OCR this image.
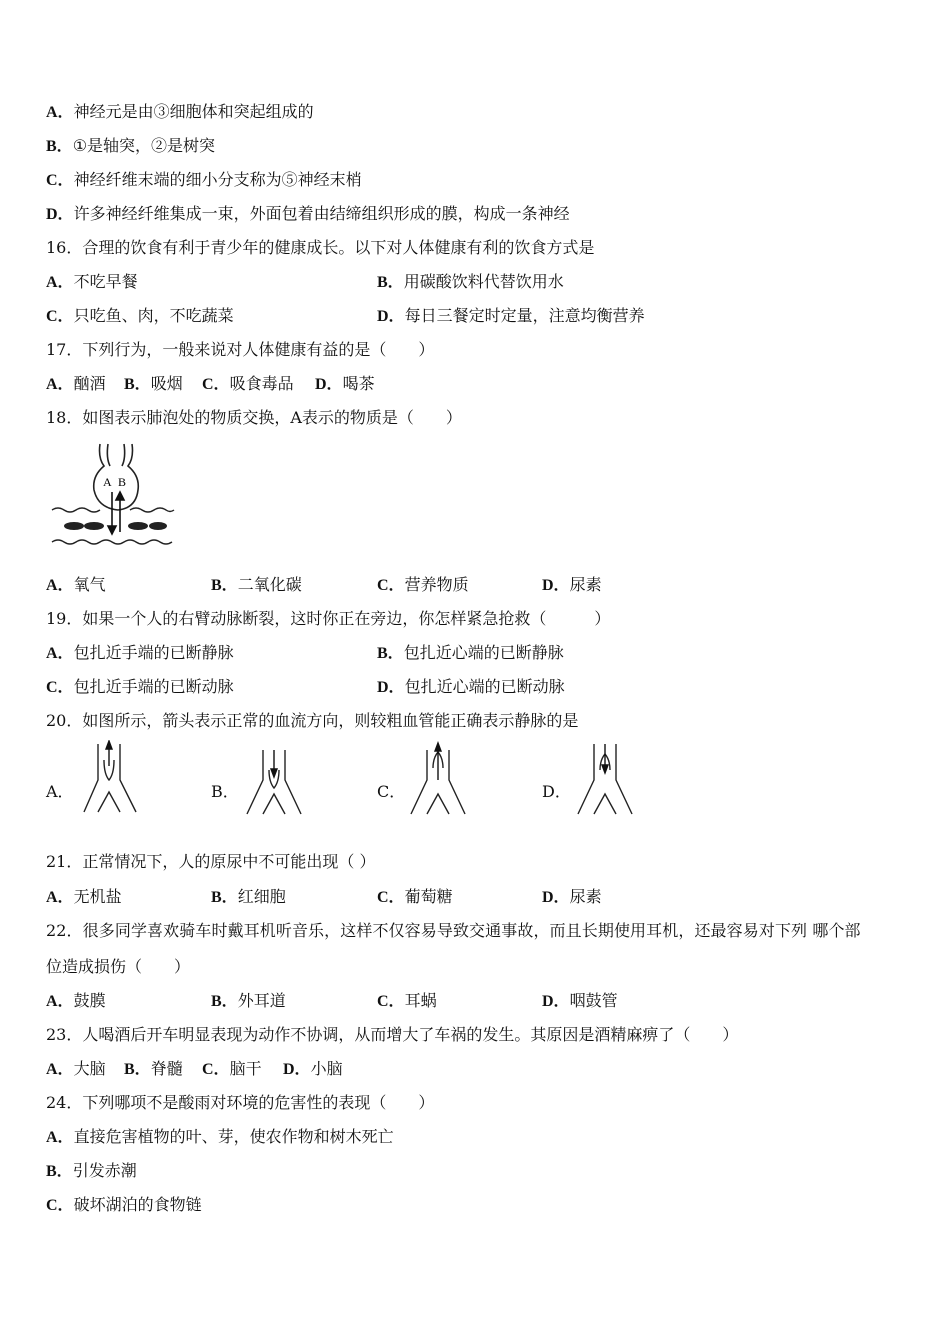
A．神经元是由③细胞体和突起组成的
B．①是轴突，②是树突
C．神经纤维末端的细小分支称为⑤神经末梢
D．许多神经纤维集成一束，外面包着由结缔组织形成的膜，构成一条神经
16．合理的饮食有利于青少年的健康成长。以下对人体健康有利的饮食方式是
A．不吃早餐	B．用碳酸饮料代替饮用水
C．只吃鱼、肉，不吃蔬菜	D．每日三餐定时定量，注意均衡营养
17．下列行为，一般来说对人体健康有益的是（　　）
A．酗酒 B．吸烟 C．吸食毒品 D．喝茶
18．如图表示肺泡处的物质交换，A表示的物质是（　　）
A B
A．氧气	B．二氧化碳	C．营养物质	D．尿素
19．如果一个人的右臂动脉断裂，这时你正在旁边，你怎样紧急抢救（　　　）
A．包扎近手端的已断静脉	B．包扎近心端的已断静脉
C．包扎近手端的已断动脉	D．包扎近心端的已断动脉
20．如图所示，箭头表示正常的血流方向，则较粗血管能正确表示静脉的是
A．	B．	C．	D．
21．正常情况下，人的原尿中不可能出现（ ）
A．无机盐	B．红细胞	C．葡萄糖	D．尿素
22．很多同学喜欢骑车时戴耳机听音乐，这样不仅容易导致交通事故，而且长期使用耳机，还最容易对下列 哪个部
位造成损伤（　　）
A．鼓膜	B．外耳道	C．耳蜗	D．咽鼓管
23．人喝酒后开车明显表现为动作不协调，从而增大了车祸的发生。其原因是酒精麻痹了（　　）
A．大脑 B．脊髓 C．脑干 D．小脑
24．下列哪项不是酸雨对环境的危害性的表现（　　）
A．直接危害植物的叶、芽，使农作物和树木死亡
B．引发赤潮
C．破坏湖泊的食物链
